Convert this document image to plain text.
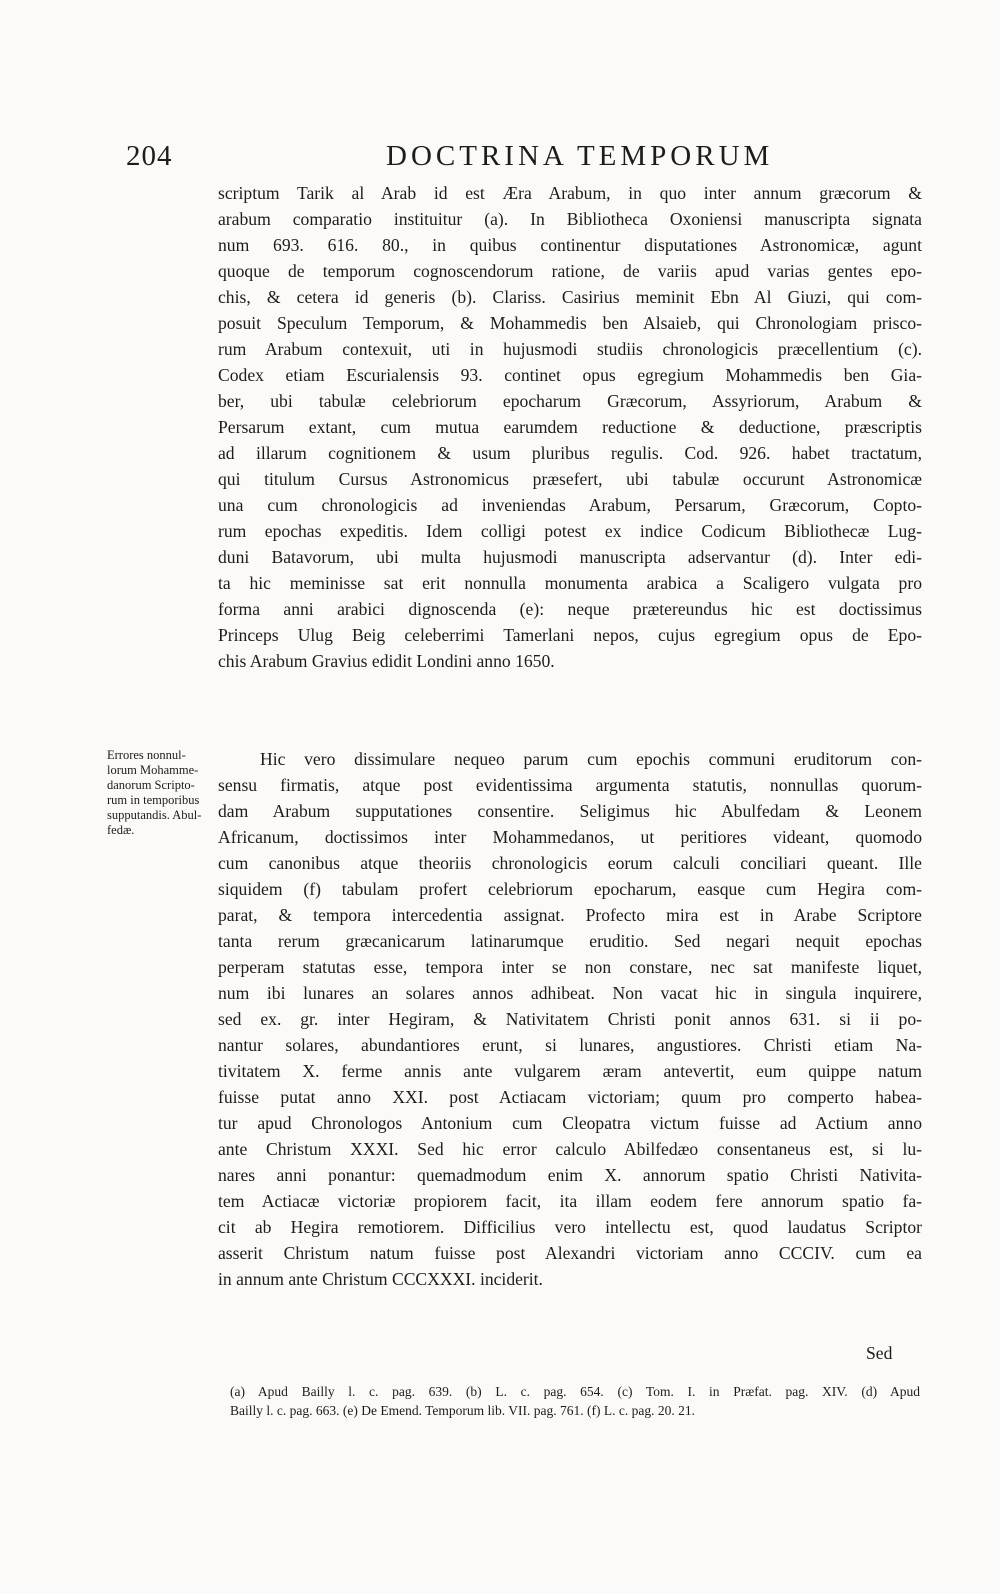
204	DOCTRINA TEMPORUM
scriptum Tarik al Arab id est Æra Arabum, in quo inter annum græcorum &
arabum comparatio instituitur (a). In Bibliotheca Oxoniensi manuscripta signata
num 693. 616. 80., in quibus continentur disputationes Astronomicæ, agunt
quoque de temporum cognoscendorum ratione, de variis apud varias gentes epo-
chis, & cetera id generis (b). Clariss. Casirius meminit Ebn Al Giuzi, qui com-
posuit Speculum Temporum, & Mohammedis ben Alsaieb, qui Chronologiam prisco-
rum Arabum contexuit, uti in hujusmodi studiis chronologicis præcellentium (c).
Codex etiam Escurialensis 93. continet opus egregium Mohammedis ben Gia-
ber, ubi tabulæ celebriorum epocharum Græcorum, Assyriorum, Arabum &
Persarum extant, cum mutua earumdem reductione & deductione, præscriptis
ad illarum cognitionem & usum pluribus regulis. Cod. 926. habet tractatum,
qui titulum Cursus Astronomicus præsefert, ubi tabulæ occurunt Astronomicæ
una cum chronologicis ad inveniendas Arabum, Persarum, Græcorum, Copto-
rum epochas expeditis. Idem colligi potest ex indice Codicum Bibliothecæ Lug-
duni Batavorum, ubi multa hujusmodi manuscripta adservantur (d). Inter edi-
ta hic meminisse sat erit nonnulla monumenta arabica a Scaligero vulgata pro
forma anni arabici dignoscenda (e): neque prætereundus hic est doctissimus
Princeps Ulug Beig celeberrimi Tamerlani nepos, cujus egregium opus de Epo-
chis Arabum Gravius edidit Londini anno 1650.
Errores nonnul-
lorum Mohamme-
danorum Scripto-
rum in temporibus
supputandis. Abul-
fedæ.
Hic vero dissimulare nequeo parum cum epochis communi eruditorum con-
sensu firmatis, atque post evidentissima argumenta statutis, nonnullas quorum-
dam Arabum supputationes consentire. Seligimus hic Abulfedam & Leonem
Africanum, doctissimos inter Mohammedanos, ut peritiores videant, quomodo
cum canonibus atque theoriis chronologicis eorum calculi conciliari queant. Ille
siquidem (f) tabulam profert celebriorum epocharum, easque cum Hegira com-
parat, & tempora intercedentia assignat. Profecto mira est in Arabe Scriptore
tanta rerum græcanicarum latinarumque eruditio. Sed negari nequit epochas
perperam statutas esse, tempora inter se non constare, nec sat manifeste liquet,
num ibi lunares an solares annos adhibeat. Non vacat hic in singula inquirere,
sed ex. gr. inter Hegiram, & Nativitatem Christi ponit annos 631. si ii po-
nantur solares, abundantiores erunt, si lunares, angustiores. Christi etiam Na-
tivitatem X. ferme annis ante vulgarem æram antevertit, eum quippe natum
fuisse putat anno XXI. post Actiacam victoriam; quum pro comperto habea-
tur apud Chronologos Antonium cum Cleopatra victum fuisse ad Actium anno
ante Christum XXXI. Sed hic error calculo Abilfedæo consentaneus est, si lu-
nares anni ponantur: quemadmodum enim X. annorum spatio Christi Nativita-
tem Actiacæ victoriæ propiorem facit, ita illam eodem fere annorum spatio fa-
cit ab Hegira remotiorem. Difficilius vero intellectu est, quod laudatus Scriptor
asserit Christum natum fuisse post Alexandri victoriam anno CCCIV. cum ea
in annum ante Christum CCCXXXI. inciderit.
Sed
(a) Apud Bailly l. c. pag. 639. (b) L. c. pag. 654. (c) Tom. I. in Præfat. pag. XIV. (d) Apud
Bailly l. c. pag. 663. (e) De Emend. Temporum lib. VII. pag. 761. (f) L. c. pag. 20. 21.
